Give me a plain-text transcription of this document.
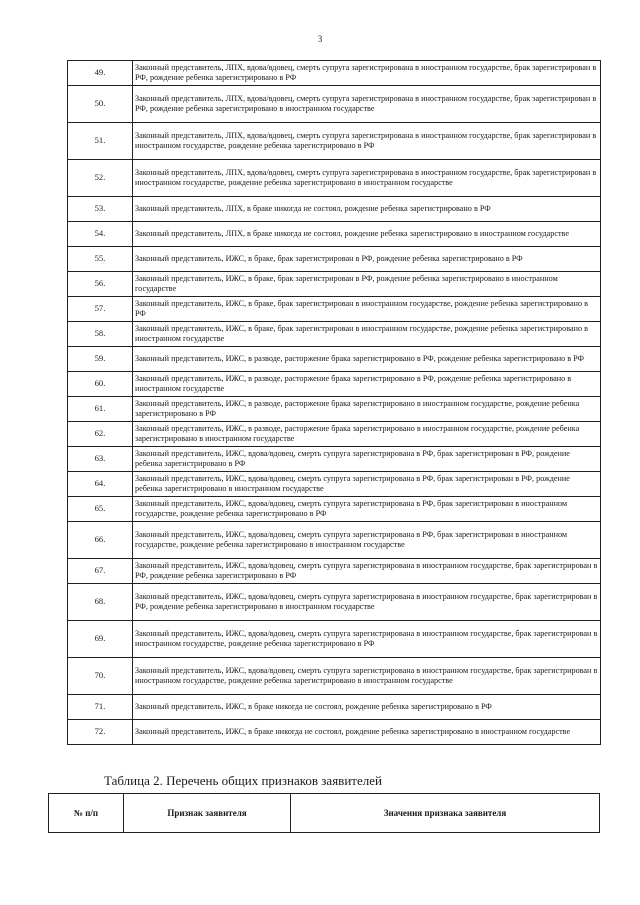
3
49.	Законный представитель, ЛПХ, вдова/вдовец, смерть супруга зарегистрирована в иностранном государстве, брак зарегистрирован в РФ, рождение ребенка зарегистрировано в РФ
50.	Законный представитель, ЛПХ, вдова/вдовец, смерть супруга зарегистрирована в иностранном государстве, брак зарегистрирован в РФ, рождение ребенка зарегистрировано в иностранном государстве
51.	Законный представитель, ЛПХ, вдова/вдовец, смерть супруга зарегистрирована в иностранном государстве, брак зарегистрирован в иностранном государстве, рождение ребенка зарегистрировано в РФ
52.	Законный представитель, ЛПХ, вдова/вдовец, смерть супруга зарегистрирована в иностранном государстве, брак зарегистрирован в иностранном государстве, рождение ребенка зарегистрировано в иностранном государстве
53.	Законный представитель, ЛПХ, в браке никогда не состоял, рождение ребенка зарегистрировано в РФ
54.	Законный представитель, ЛПХ, в браке никогда не состоял, рождение ребенка зарегистрировано в иностранном государстве
55.	Законный представитель, ИЖС, в браке, брак зарегистрирован в РФ, рождение ребенка зарегистрировано в РФ
56.	Законный представитель, ИЖС, в браке, брак зарегистрирован в РФ, рождение ребенка зарегистрировано в иностранном государстве
57.	Законный представитель, ИЖС, в браке, брак зарегистрирован в иностранном государстве, рождение ребенка зарегистрировано в РФ
58.	Законный представитель, ИЖС, в браке, брак зарегистрирован в иностранном государстве, рождение ребенка зарегистрировано в иностранном государстве
59.	Законный представитель, ИЖС, в разводе, расторжение брака зарегистрировано в РФ, рождение ребенка зарегистрировано в РФ
60.	Законный представитель, ИЖС, в разводе, расторжение брака зарегистрировано в РФ, рождение ребенка зарегистрировано в иностранном государстве
61.	Законный представитель, ИЖС, в разводе, расторжение брака зарегистрировано в иностранном государстве, рождение ребенка зарегистрировано в РФ
62.	Законный представитель, ИЖС, в разводе, расторжение брака зарегистрировано в иностранном государстве, рождение ребенка зарегистрировано в иностранном государстве
63.	Законный представитель, ИЖС, вдова/вдовец, смерть супруга зарегистрирована в РФ, брак зарегистрирован в РФ, рождение ребенка зарегистрировано в РФ
64.	Законный представитель, ИЖС, вдова/вдовец, смерть супруга зарегистрирована в РФ, брак зарегистрирован в РФ, рождение ребенка зарегистрировано в иностранном государстве
65.	Законный представитель, ИЖС, вдова/вдовец, смерть супруга зарегистрирована в РФ, брак зарегистрирован в иностранном государстве, рождение ребенка зарегистрировано в РФ
66.	Законный представитель, ИЖС, вдова/вдовец, смерть супруга зарегистрирована в РФ, брак зарегистрирован в иностранном государстве, рождение ребенка зарегистрировано в иностранном государстве
67.	Законный представитель, ИЖС, вдова/вдовец, смерть супруга зарегистрирована в иностранном государстве, брак зарегистрирован в РФ, рождение ребенка зарегистрировано в РФ
68.	Законный представитель, ИЖС, вдова/вдовец, смерть супруга зарегистрирована в иностранном государстве, брак зарегистрирован в РФ, рождение ребенка зарегистрировано в иностранном государстве
69.	Законный представитель, ИЖС, вдова/вдовец, смерть супруга зарегистрирована в иностранном государстве, брак зарегистрирован в иностранном государстве, рождение ребенка зарегистрировано в РФ
70.	Законный представитель, ИЖС, вдова/вдовец, смерть супруга зарегистрирована в иностранном государстве, брак зарегистрирован в иностранном государстве, рождение ребенка зарегистрировано в иностранном государстве
71.	Законный представитель, ИЖС, в браке никогда не состоял, рождение ребенка зарегистрировано в РФ
72.	Законный представитель, ИЖС, в браке никогда не состоял, рождение ребенка зарегистрировано в иностранном государстве
Таблица 2. Перечень общих признаков заявителей
№ п/п	Признак заявителя	Значения признака заявителя
